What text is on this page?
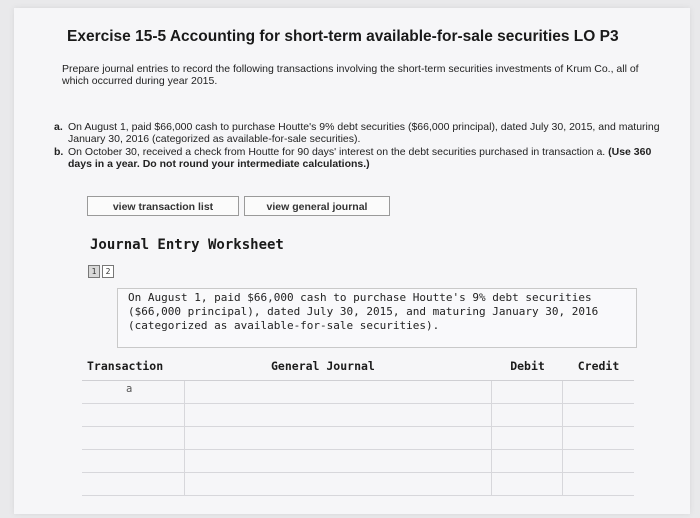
Exercise 15-5 Accounting for short-term available-for-sale securities LO P3
Prepare journal entries to record the following transactions involving the short-term securities investments of Krum Co., all of which occurred during year 2015.
a. On August 1, paid $66,000 cash to purchase Houtte's 9% debt securities ($66,000 principal), dated July 30, 2015, and maturing January 30, 2016 (categorized as available-for-sale securities).
b. On October 30, received a check from Houtte for 90 days' interest on the debt securities purchased in transaction a. (Use 360 days in a year. Do not round your intermediate calculations.)
view transaction list	view general journal
Journal Entry Worksheet
1	2
On August 1, paid $66,000 cash to purchase Houtte's 9% debt securities ($66,000 principal), dated July 30, 2015, and maturing January 30, 2016 (categorized as available-for-sale securities).
Transaction	General Journal	Debit	Credit
a
